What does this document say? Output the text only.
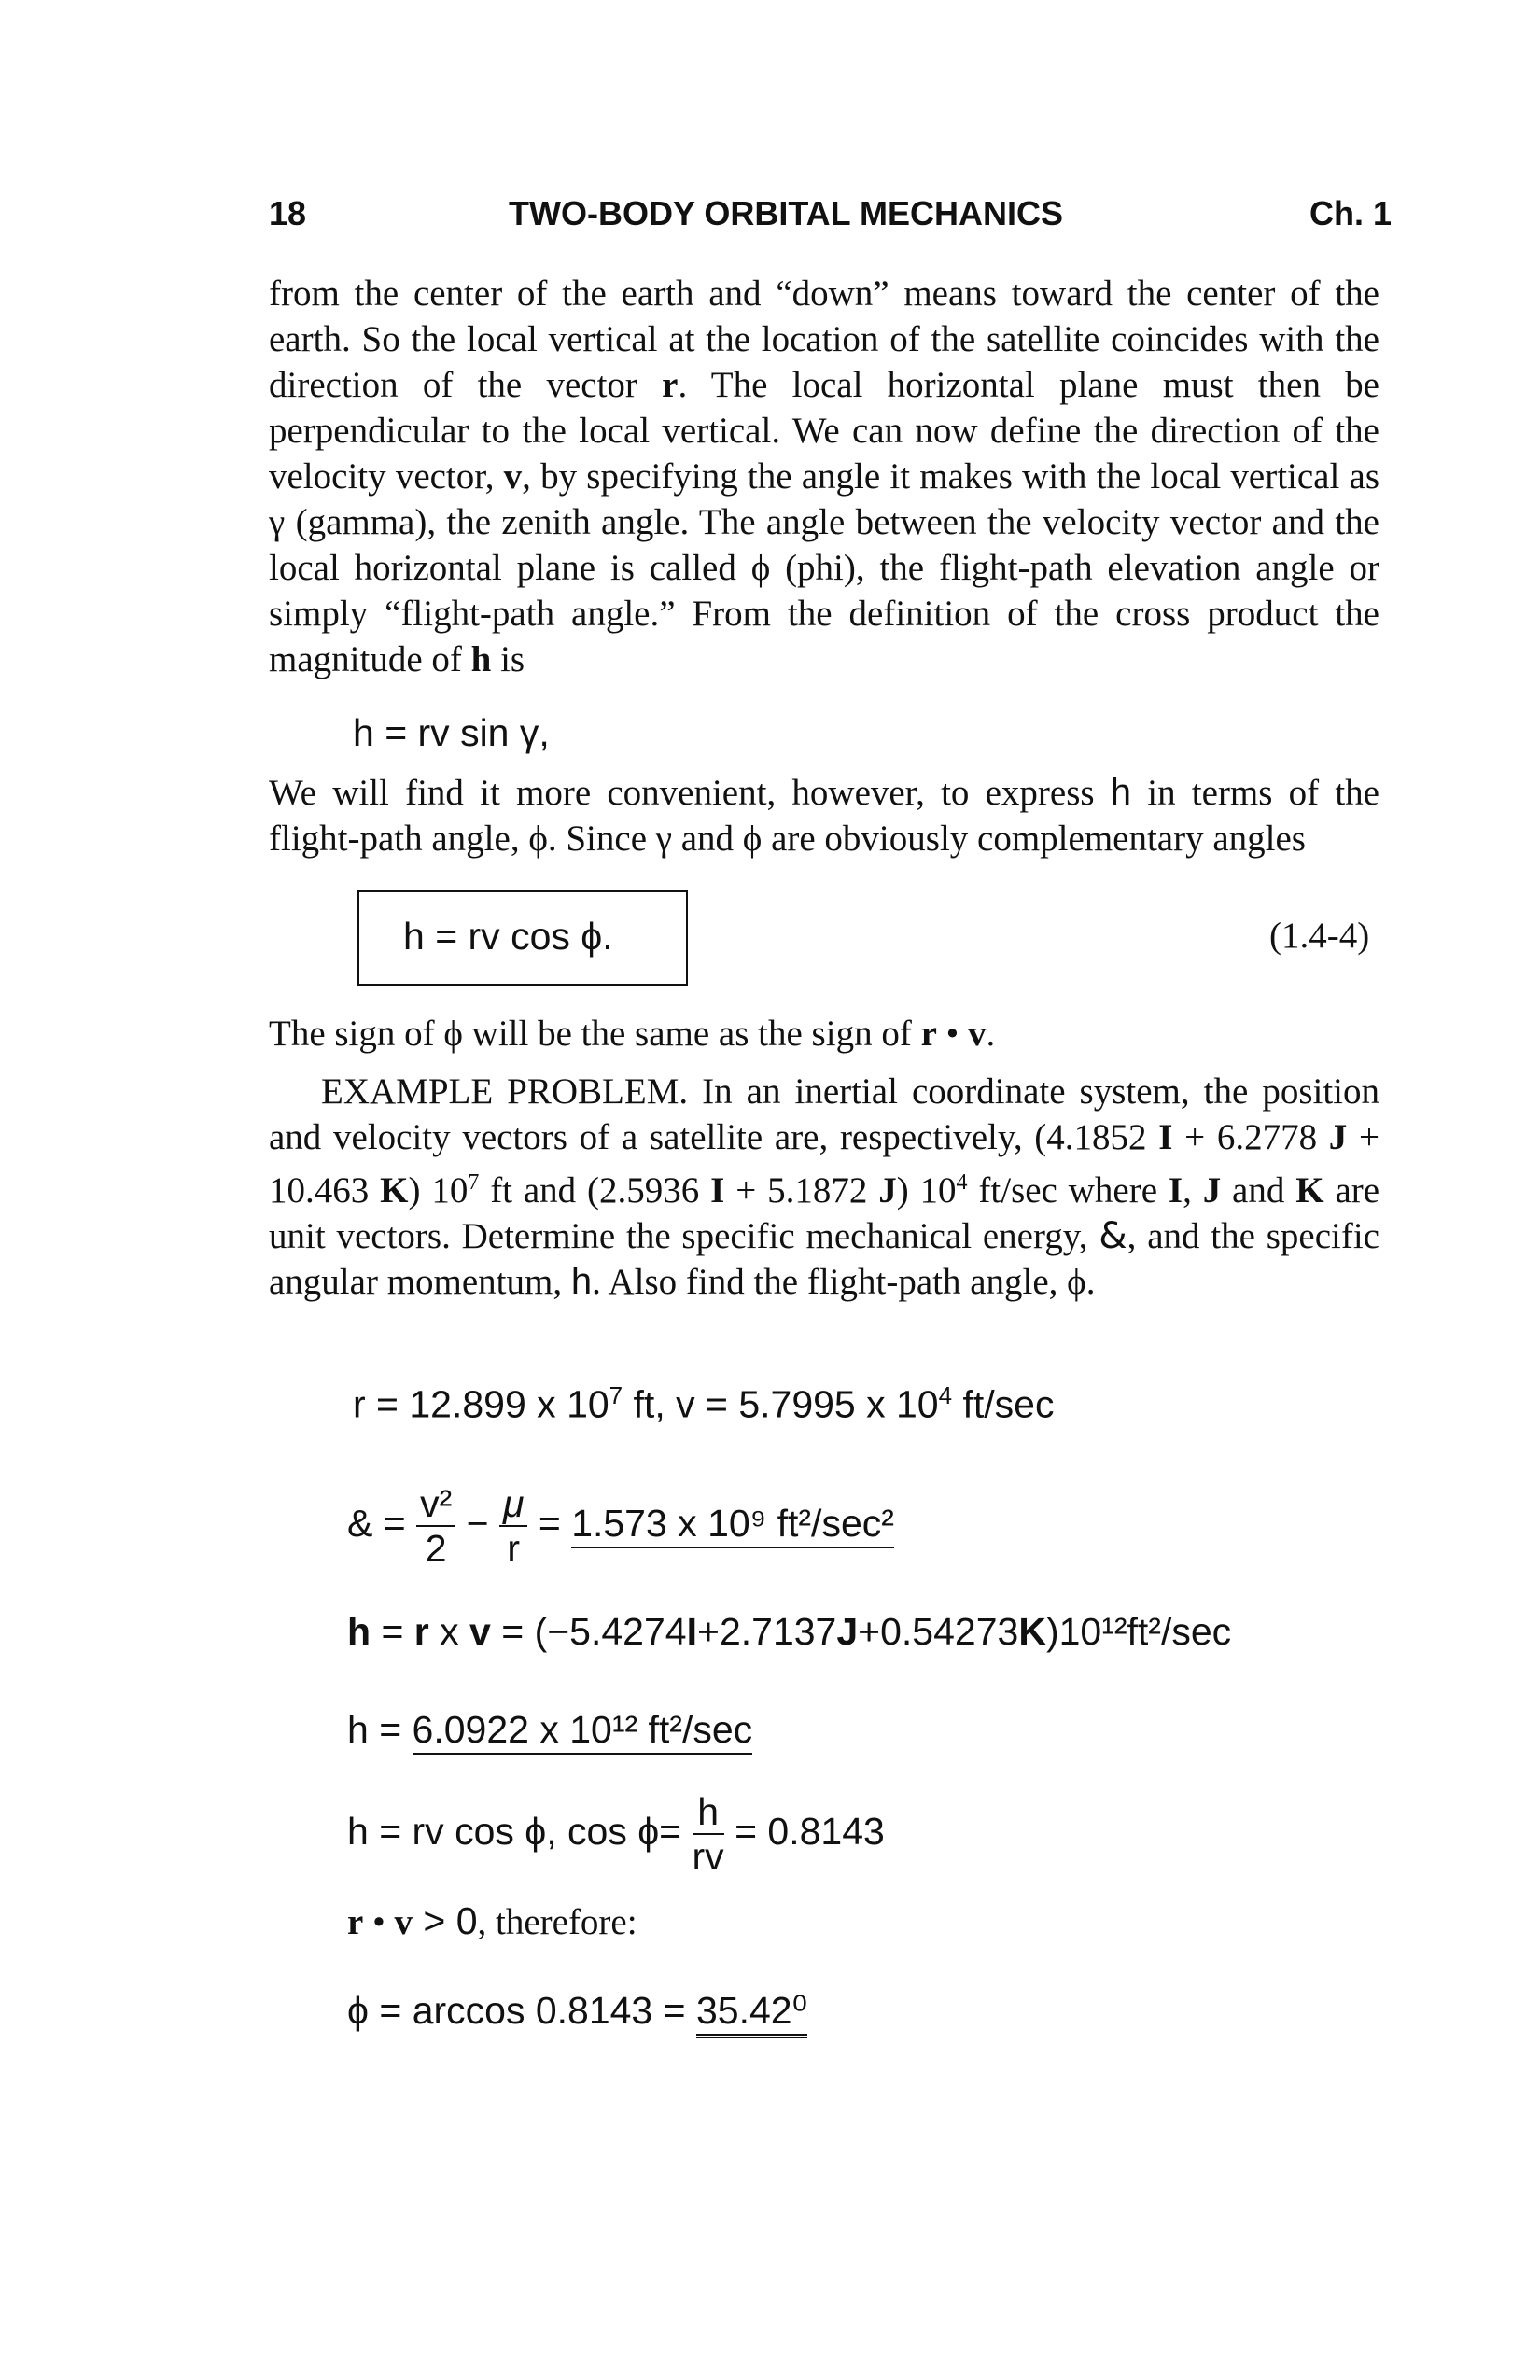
18	TWO-BODY ORBITAL MECHANICS	Ch. 1

from the center of the earth and “down” means toward the center of the earth. So the local vertical at the location of the satellite coincides with the direction of the vector r. The local horizontal plane must then be perpendicular to the local vertical. We can now define the direction of the velocity vector, v, by specifying the angle it makes with the local vertical as γ (gamma), the zenith angle. The angle between the velocity vector and the local horizontal plane is called ϕ (phi), the flight-path elevation angle or simply “flight-path angle.” From the definition of the cross product the magnitude of h is

h = rv sin γ,

We will find it more convenient, however, to express h in terms of the flight-path angle, ϕ. Since γ and ϕ are obviously complementary angles

h = rv cos ϕ.	(1.4-4)
The sign of ϕ will be the same as the sign of r • v.

EXAMPLE PROBLEM. In an inertial coordinate system, the position and velocity vectors of a satellite are, respectively, (4.1852 I + 6.2778 J + 10.463 K) $10^7$ ft and (2.5936 I + 5.1872 J) $10^4$ ft/sec where I, J and K are unit vectors. Determine the specific mechanical energy, &, and the specific angular momentum, h. Also find the flight-path angle, ϕ.

r = 12.899 x $10^7$ ft, v = 5.7995 x $10^4$ ft/sec
& = $\frac{\text{v²}}{2} - \frac{\mu}{r} = 1.573$ x 10⁹ ft²/sec²
h = r x v = (−5.4274I+2.7137J+0.54273K)10¹²ft²/sec
h = 6.0922 x 10¹² ft²/sec
h = rv cos ϕ, $\cos \phi= \frac{h}{rv} = 0.8143$
r • v > 0, therefore:
ϕ = arccos 0.8143 = 35.42⁰
